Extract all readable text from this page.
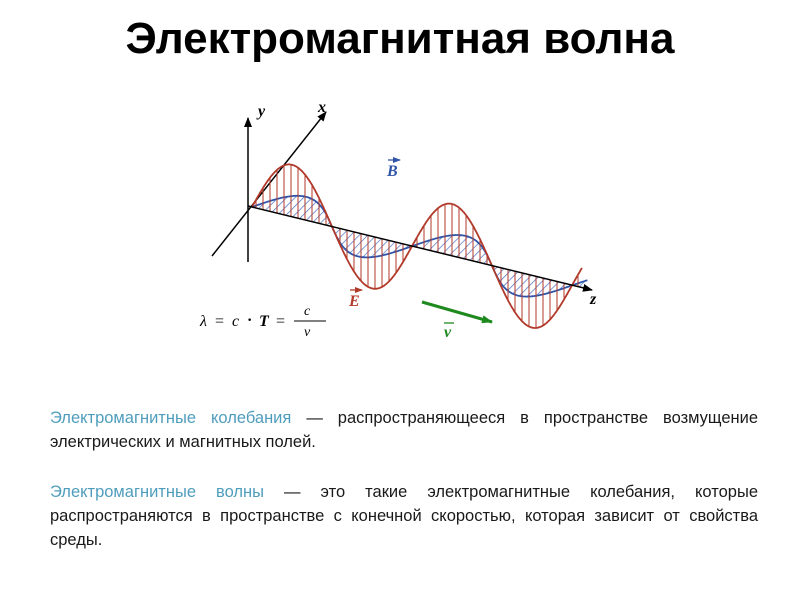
Электромагнитная волна
y	x
z
B
E
v
λ = c · T =
c
ν
Электромагнитные колебания — распространяющееся в пространстве возмущение электрических и магнитных полей.
Электромагнитные волны — это такие электромагнитные колебания, которые распространяются в пространстве с конечной скоростью, которая зависит от свойства среды.
